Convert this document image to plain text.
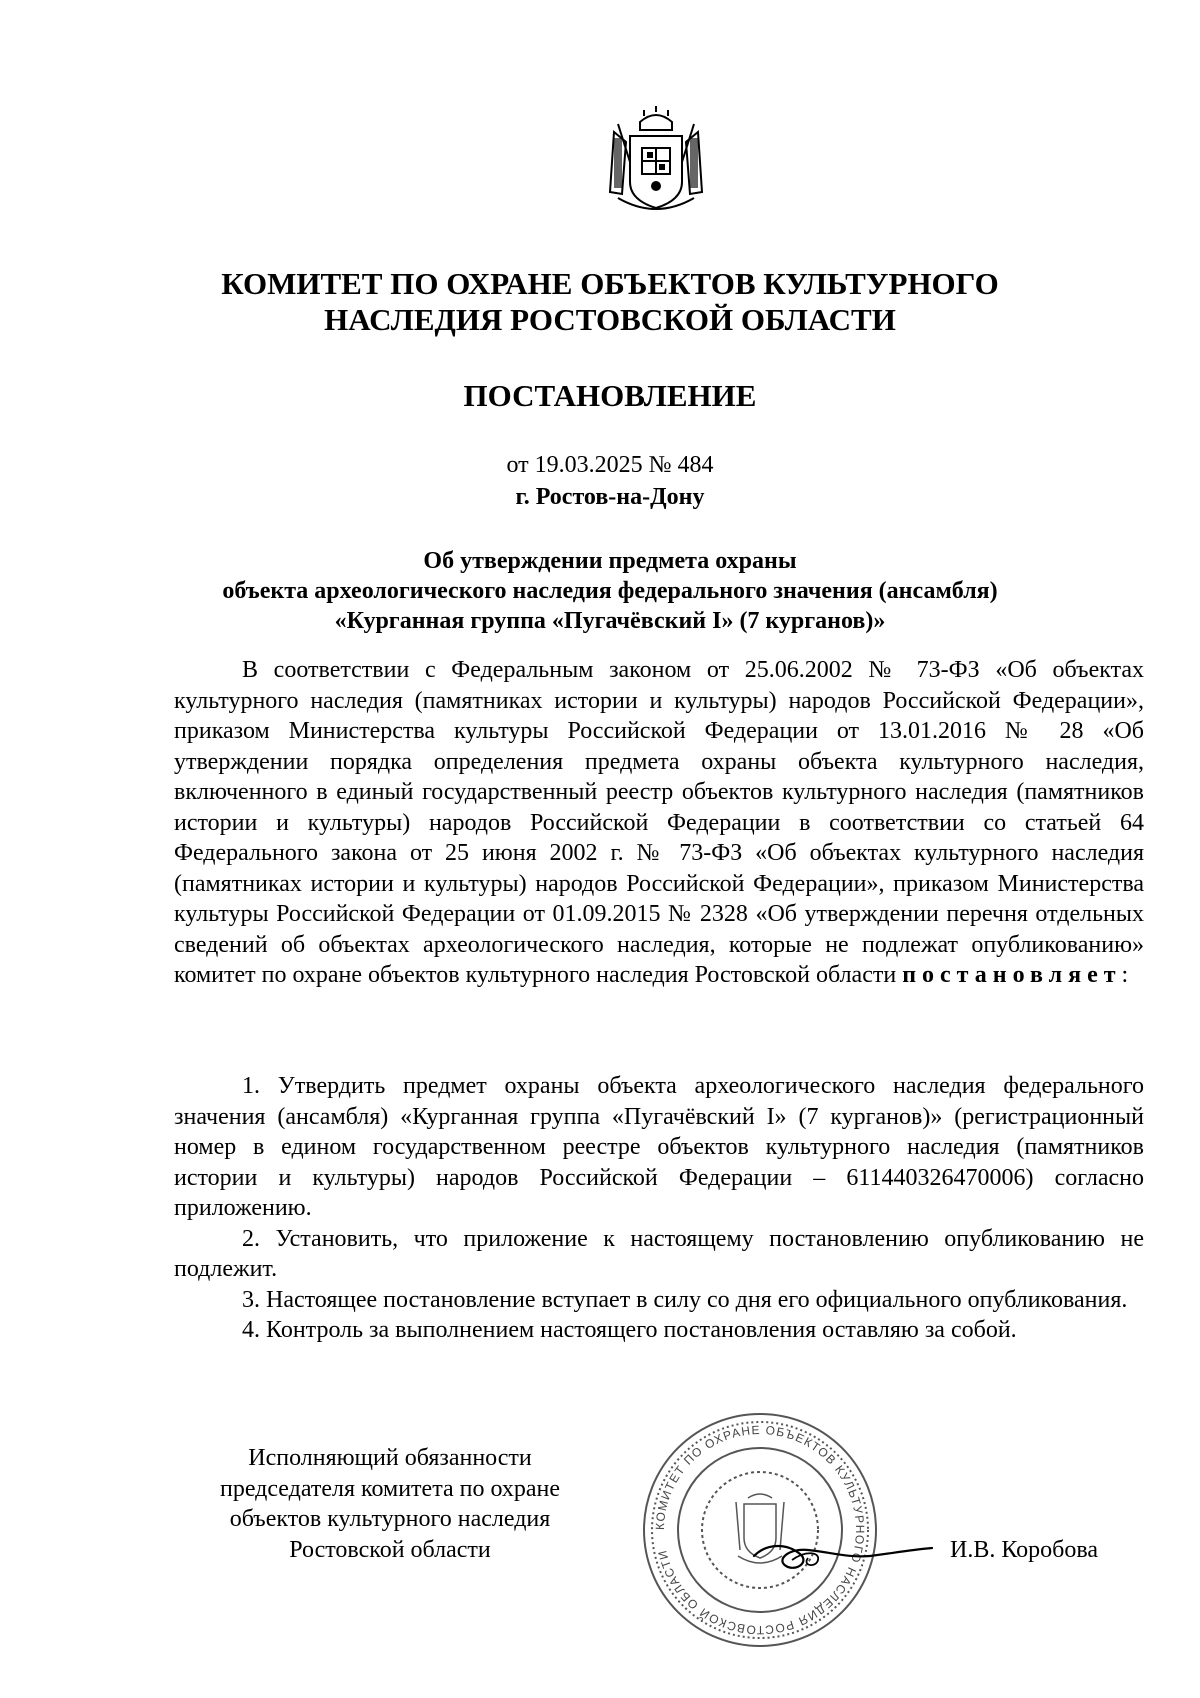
КОМИТЕТ ПО ОХРАНЕ ОБЪЕКТОВ КУЛЬТУРНОГО
НАСЛЕДИЯ РОСТОВСКОЙ ОБЛАСТИ
ПОСТАНОВЛЕНИЕ
от 19.03.2025 № 484
г. Ростов-на-Дону
Об утверждении предмета охраны
объекта археологического наследия федерального значения (ансамбля)
«Курганная группа «Пугачёвский I» (7 курганов)»

В соответствии с Федеральным законом от 25.06.2002 № 73-ФЗ «Об объектах культурного наследия (памятниках истории и культуры) народов Российской Федерации», приказом Министерства культуры Российской Федерации от 13.01.2016 № 28 «Об утверждении порядка определения предмета охраны объекта культурного наследия, включенного в единый государственный реестр объектов культурного наследия (памятников истории и культуры) народов Российской Федерации в соответствии со статьей 64 Федерального закона от 25 июня 2002 г. № 73-ФЗ «Об объектах культурного наследия (памятниках истории и культуры) народов Российской Федерации», приказом Министерства культуры Российской Федерации от 01.09.2015 № 2328 «Об утверждении перечня отдельных сведений об объектах археологического наследия, которые не подлежат опубликованию» комитет по охране объектов культурного наследия Ростовской области постановляет:

1. Утвердить предмет охраны объекта археологического наследия федерального значения (ансамбля) «Курганная группа «Пугачёвский I» (7 курганов)» (регистрационный номер в едином государственном реестре объектов культурного наследия (памятников истории и культуры) народов Российской Федерации – 611440326470006) согласно приложению.

2. Установить, что приложение к настоящему постановлению опубликованию не подлежит.

3. Настоящее постановление вступает в силу со дня его официального опубликования.

4. Контроль за выполнением настоящего постановления оставляю за собой.

Исполняющий обязанности
председателя комитета по охране
объектов культурного наследия
Ростовской области
КОМИТЕТ ПО ОХРАНЕ ОБЪЕКТОВ КУЛЬТУРНОГО НАСЛЕДИЯ РОСТОВСКОЙ ОБЛАСТИ	И.В. Коробова
